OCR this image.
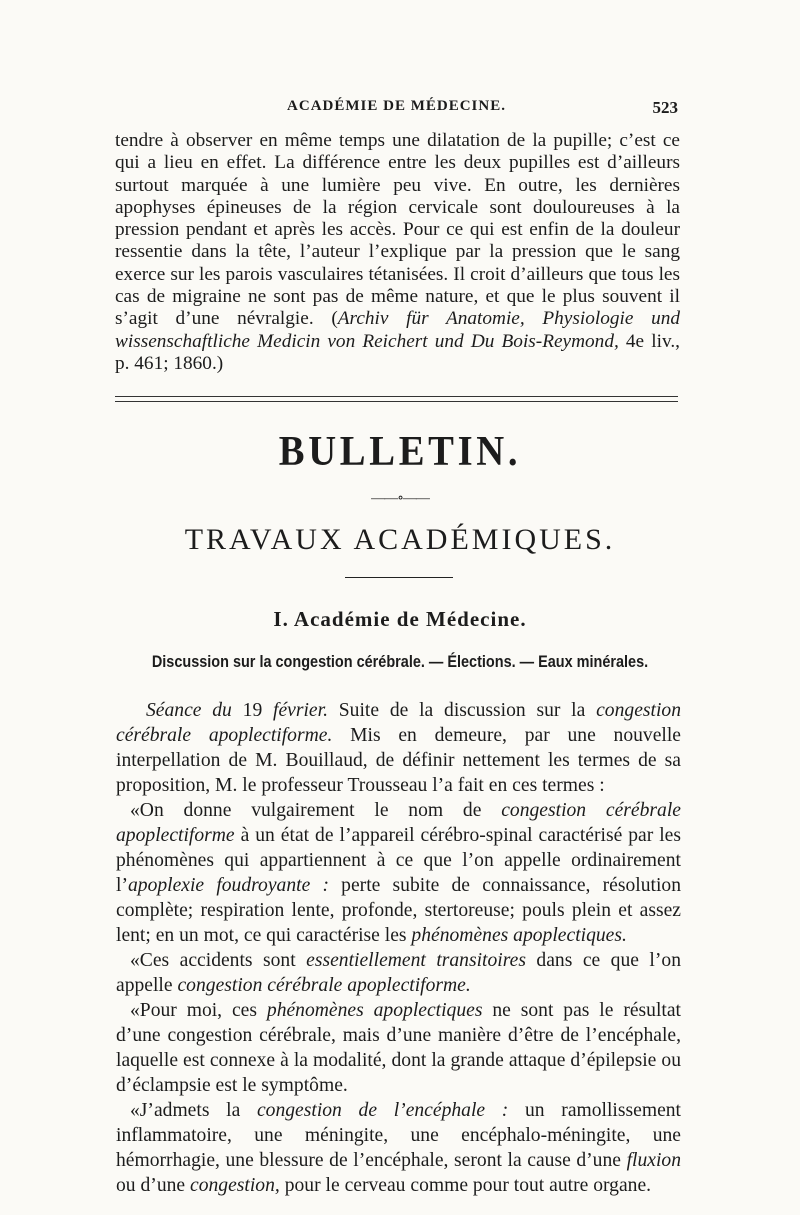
ACADÉMIE DE MÉDECINE.	523

tendre à observer en même temps une dilatation de la pupille; c’est ce qui a lieu en effet. La différence entre les deux pupilles est d’ailleurs surtout marquée à une lumière peu vive. En outre, les dernières apophyses épineuses de la région cervicale sont douloureuses à la pression pendant et après les accès. Pour ce qui est enfin de la douleur ressentie dans la tête, l’auteur l’explique par la pression que le sang exerce sur les parois vasculaires tétanisées. Il croit d’ailleurs que tous les cas de migraine ne sont pas de même nature, et que le plus souvent il s’agit d’une névralgie. (Archiv für Anatomie, Physiologie und wissenschaftliche Medicin von Reichert und Du Bois-Reymond, 4e liv., p. 461; 1860.)

BULLETIN.
——∘——
TRAVAUX ACADÉMIQUES.
I. Académie de Médecine.
Discussion sur la congestion cérébrale. — Élections. — Eaux minérales.

Séance du 19 février. Suite de la discussion sur la congestion cérébrale apoplectiforme. Mis en demeure, par une nouvelle interpellation de M. Bouillaud, de définir nettement les termes de sa proposition, M. le professeur Trousseau l’a fait en ces termes :

«On donne vulgairement le nom de congestion cérébrale apoplectiforme à un état de l’appareil cérébro-spinal caractérisé par les phénomènes qui appartiennent à ce que l’on appelle ordinairement l’apoplexie foudroyante : perte subite de connaissance, résolution complète; respiration lente, profonde, stertoreuse; pouls plein et assez lent; en un mot, ce qui caractérise les phénomènes apoplectiques.

«Ces accidents sont essentiellement transitoires dans ce que l’on appelle congestion cérébrale apoplectiforme.

«Pour moi, ces phénomènes apoplectiques ne sont pas le résultat d’une congestion cérébrale, mais d’une manière d’être de l’encéphale, laquelle est connexe à la modalité, dont la grande attaque d’épilepsie ou d’éclampsie est le symptôme.

«J’admets la congestion de l’encéphale : un ramollissement inflammatoire, une méningite, une encéphalo-méningite, une hémorrhagie, une blessure de l’encéphale, seront la cause d’une fluxion ou d’une congestion, pour le cerveau comme pour tout autre organe.
